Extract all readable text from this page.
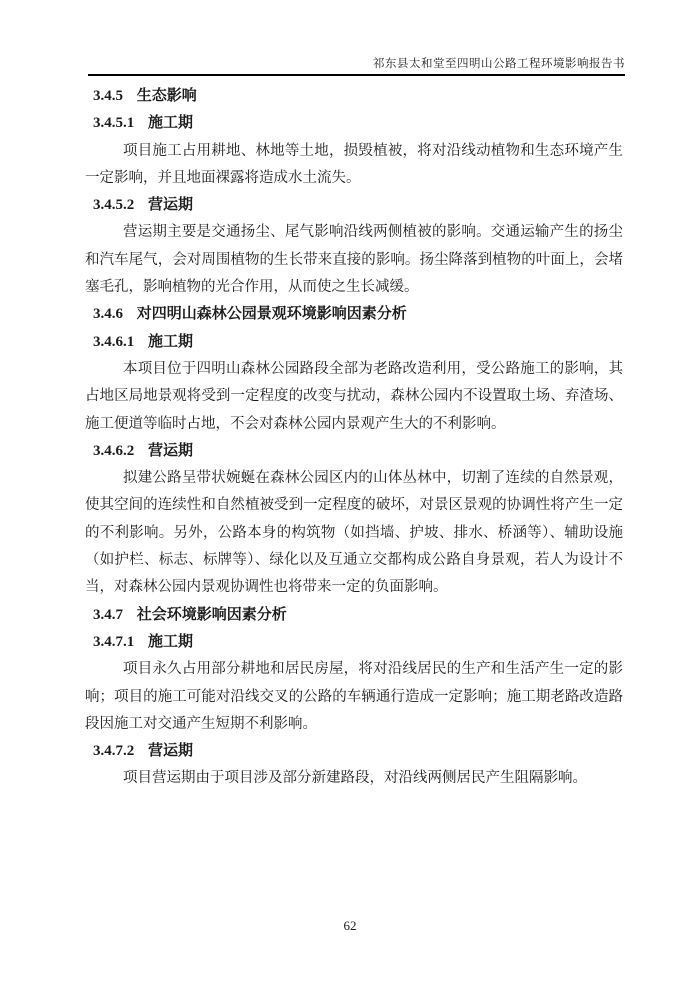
祁东县太和堂至四明山公路工程环境影响报告书
3.4.5 生态影响
3.4.5.1 施工期

项目施工占用耕地、林地等土地，损毁植被，将对沿线动植物和生态环境产生一定影响，并且地面裸露将造成水土流失。

3.4.5.2 营运期

营运期主要是交通扬尘、尾气影响沿线两侧植被的影响。交通运输产生的扬尘和汽车尾气，会对周围植物的生长带来直接的影响。扬尘降落到植物的叶面上，会堵塞毛孔，影响植物的光合作用，从而使之生长减缓。

3.4.6 对四明山森林公园景观环境影响因素分析
3.4.6.1 施工期

本项目位于四明山森林公园路段全部为老路改造利用，受公路施工的影响，其占地区局地景观将受到一定程度的改变与扰动，森林公园内不设置取土场、弃渣场、施工便道等临时占地，不会对森林公园内景观产生大的不利影响。

3.4.6.2 营运期

拟建公路呈带状婉蜒在森林公园区内的山体丛林中，切割了连续的自然景观，使其空间的连续性和自然植被受到一定程度的破坏，对景区景观的协调性将产生一定的不利影响。另外，公路本身的构筑物（如挡墙、护坡、排水、桥涵等）、辅助设施（如护栏、标志、标牌等）、绿化以及互通立交都构成公路自身景观，若人为设计不当，对森林公园内景观协调性也将带来一定的负面影响。

3.4.7 社会环境影响因素分析
3.4.7.1 施工期

项目永久占用部分耕地和居民房屋，将对沿线居民的生产和生活产生一定的影响；项目的施工可能对沿线交叉的公路的车辆通行造成一定影响；施工期老路改造路段因施工对交通产生短期不利影响。

3.4.7.2 营运期

项目营运期由于项目涉及部分新建路段，对沿线两侧居民产生阻隔影响。

62
